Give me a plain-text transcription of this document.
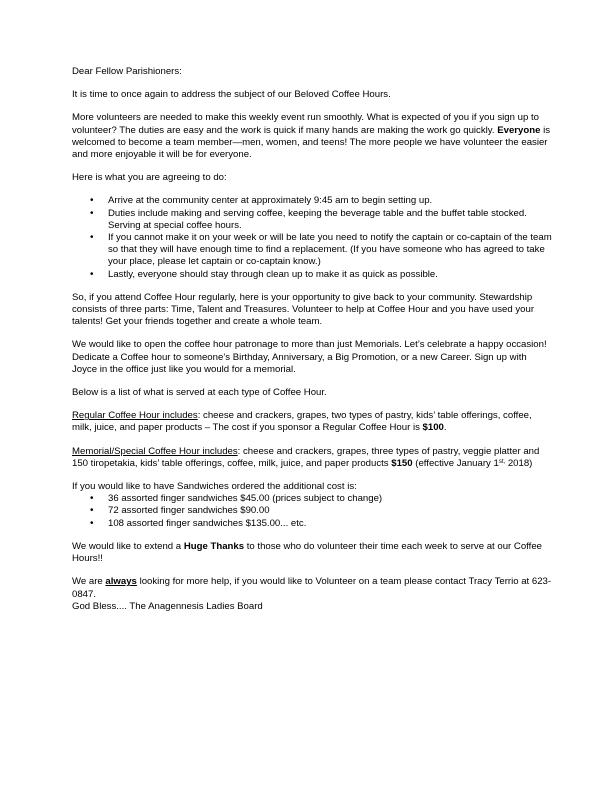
Dear Fellow Parishioners:

It is time to once again to address the subject of our Beloved Coffee Hours.

More volunteers are needed to make this weekly event run smoothly. What is expected of you if you sign up to volunteer? The duties are easy and the work is quick if many hands are making the work go quickly. Everyone is welcomed to become a team member—men, women, and teens! The more people we have volunteer the easier and more enjoyable it will be for everyone.

Here is what you are agreeing to do:

• Arrive at the community center at approximately 9:45 am to begin setting up.
• Duties include making and serving coffee, keeping the beverage table and the buffet table stocked. Serving at special coffee hours.
• If you cannot make it on your week or will be late you need to notify the captain or co-captain of the team so that they will have enough time to find a replacement. (If you have someone who has agreed to take your place, please let captain or co-captain know.)
• Lastly, everyone should stay through clean up to make it as quick as possible.

So, if you attend Coffee Hour regularly, here is your opportunity to give back to your community. Stewardship consists of three parts: Time, Talent and Treasures. Volunteer to help at Coffee Hour and you have used your talents! Get your friends together and create a whole team.

We would like to open the coffee hour patronage to more than just Memorials. Let’s celebrate a happy occasion! Dedicate a Coffee hour to someone’s Birthday, Anniversary, a Big Promotion, or a new Career. Sign up with Joyce in the office just like you would for a memorial.

Below is a list of what is served at each type of Coffee Hour.

Regular Coffee Hour includes: cheese and crackers, grapes, two types of pastry, kids’ table offerings, coffee, milk, juice, and paper products – The cost if you sponsor a Regular Coffee Hour is $100.

Memorial/Special Coffee Hour includes: cheese and crackers, grapes, three types of pastry, veggie platter and 150 tiropetakia, kids’ table offerings, coffee, milk, juice, and paper products $150 (effective January $1^{st,}$ 2018)

If you would like to have Sandwiches ordered the additional cost is:

• 36 assorted finger sandwiches $45.00 (prices subject to change)
• 72 assorted finger sandwiches $90.00
• 108 assorted finger sandwiches $135.00... etc.

We would like to extend a Huge Thanks to those who do volunteer their time each week to serve at our Coffee Hours!!

We are always looking for more help, if you would like to Volunteer on a team please contact Tracy Terrio at 623-0847.

God Bless.... The Anagennesis Ladies Board
